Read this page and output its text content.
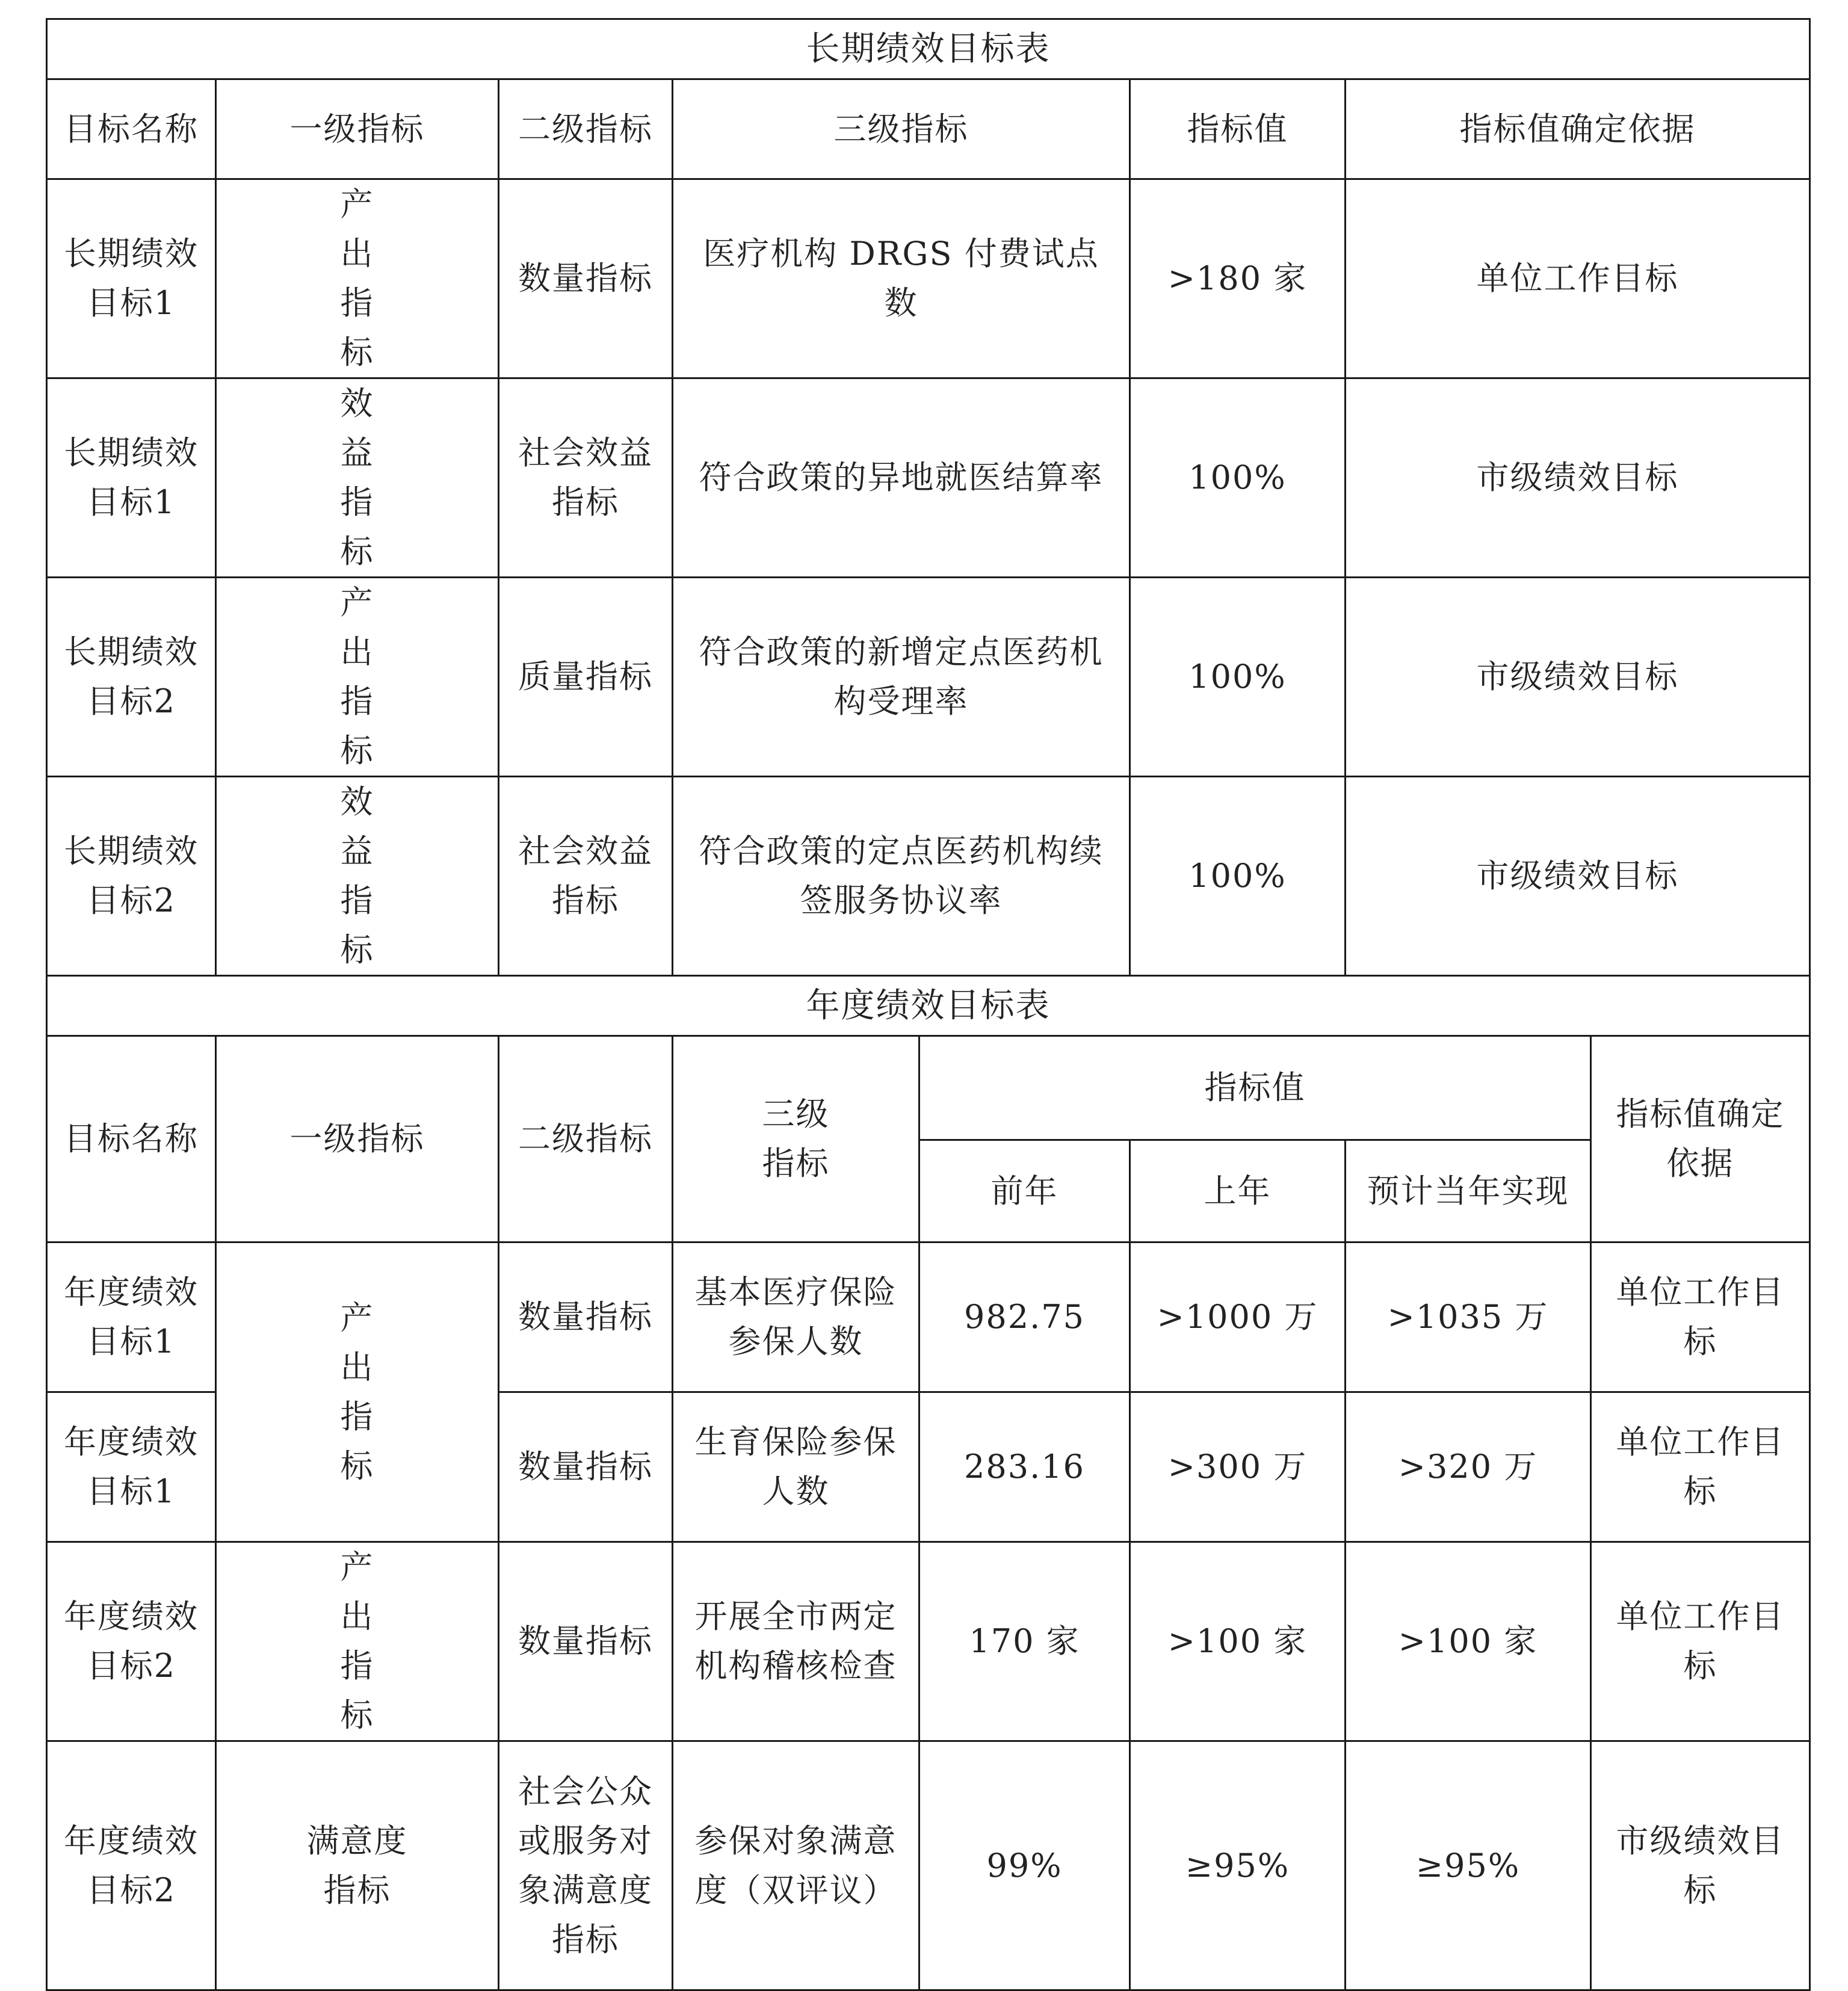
长期绩效目标表					
目标名称	一级指标	二级指标	三级指标	指标值	指标值确定依据
长期绩效目标1	产出指标	数量指标	医疗机构 DRGS 付费试点数	>180 家	单位工作目标
长期绩效目标1	效益指标	社会效益指标	符合政策的异地就医结算率	100%	市级绩效目标
长期绩效目标2	产出指标	质量指标	符合政策的新增定点医药机构受理率	100%	市级绩效目标
长期绩效目标2	效益指标	社会效益指标	符合政策的定点医药机构续签服务协议率	100%	市级绩效目标
年度绩效目标表							
目标名称	一级指标	二级指标	三级指标	指标值			指标值确定依据
				前年	上年	预计当年实现	
年度绩效目标1	产出指标	数量指标	基本医疗保险参保人数	982.75	>1000 万	>1035 万	单位工作目标
年度绩效目标1		数量指标	生育保险参保人数	283.16	>300 万	>320 万	单位工作目标
年度绩效目标2	产出指标	数量指标	开展全市两定机构稽核检查	170 家	>100 家	>100 家	单位工作目标
年度绩效目标2	满意度指标	社会公众或服务对象满意度指标	参保对象满意度（双评议）	99%	≥95%	≥95%	市级绩效目标
